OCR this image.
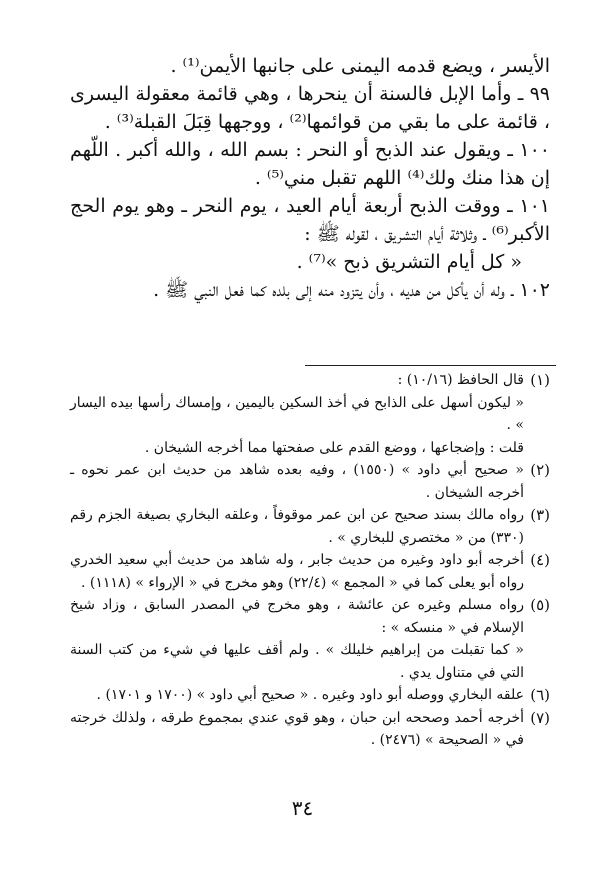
الأيسر ، ويضع قدمه اليمنى على جانبها الأيمن⁽¹⁾ .

٩٩ ـ وأما الإبل فالسنة أن ينحرها ، وهي قائمة معقولة اليسرى ، قائمة على ما بقي من قوائمها⁽²⁾ ، ووجهها قِبَلَ القبلة⁽³⁾ .

١٠٠ ـ ويقول عند الذبح أو النحر : بسم الله ، والله أكبر . اللّهم إن هذا منك ولك⁽⁴⁾ اللهم تقبل مني⁽⁵⁾ .

١٠١ ـ ووقت الذبح أربعة أيام العيد ، يوم النحر ـ وهو يوم الحج الأكبر⁽⁶⁾ ـ وثلاثة أيام التشريق ، لقوله ﷺ :

« كل أيام التشريق ذبح »⁽⁷⁾ .

١٠٢ ـ وله أن يأكل من هديه ، وأن يتزود منه إلى بلده كما فعل النبي ﷺ .

(١)
قال الحافظ (١٠/١٦) :

« ليكون أسهل على الذابح في أخذ السكين باليمين ، وإمساك رأسها بيده اليسار » .

قلت : وإضجاعها ، ووضع القدم على صفحتها مما أخرجه الشيخان .

(٢)
« صحيح أبي داود » (١٥٥٠) ، وفيه بعده شاهد من حديث ابن عمر نحوه ـ أخرجه الشيخان .
(٣)
رواه مالك بسند صحيح عن ابن عمر موقوفاً ، وعلقه البخاري بصيغة الجزم رقم (٣٣٠) من « مختصري للبخاري » .
(٤)
أخرجه أبو داود وغيره من حديث جابر ، وله شاهد من حديث أبي سعيد الخدري رواه أبو يعلى كما في « المجمع » (٢٢/٤) وهو مخرج في « الإرواء » (١١١٨) .
(٥)
رواه مسلم وغيره عن عائشة ، وهو مخرج في المصدر السابق ، وزاد شيخ الإسلام في « منسكه » :

« كما تقبلت من إبراهيم خليلك » . ولم أقف عليها في شيء من كتب السنة التي في متناول يدي .

(٦)
علقه البخاري ووصله أبو داود وغيره . « صحيح أبي داود » (١٧٠٠ و ١٧٠١) .
(٧)
أخرجه أحمد وصححه ابن حبان ، وهو قوي عندي بمجموع طرقه ، ولذلك خرجته في « الصحيحة » (٢٤٧٦) .
٣٤
